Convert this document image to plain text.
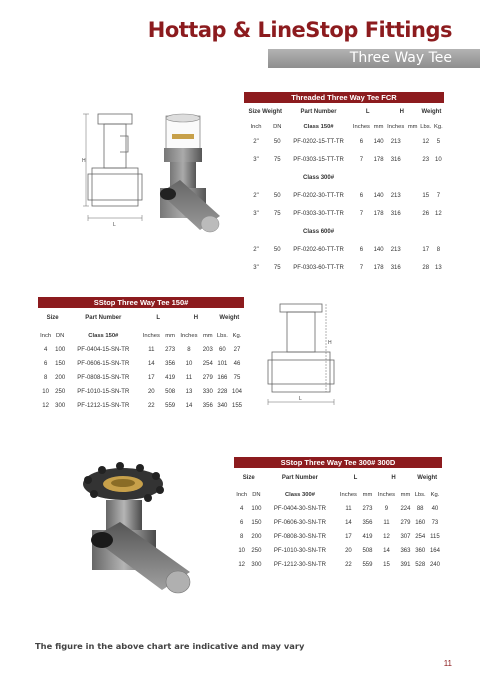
Hottap & LineStop Fittings
Three Way Tee
H
L
Threaded Three Way Tee FCR								
Size Weight		Part Number	L		H		Weight	
Inch	DN	Class 150#	Inches	mm	Inches	mm	Lbs.	Kg.
2"	50	PF-0202-15-TT-TR	6	140	213		12	5
3"	75	PF-0303-15-TT-TR	7	178	316		23	10
		Class 300#						
2"	50	PF-0202-30-TT-TR	6	140	213		15	7
3"	75	PF-0303-30-TT-TR	7	178	316		26	12
		Class 600#						
2"	50	PF-0202-60-TT-TR	6	140	213		17	8
3"	75	PF-0303-60-TT-TR	7	178	316		28	13
SStop Three Way Tee 150#								
Size		Part Number	L		H		Weight	
Inch	DN	Class 150#	Inches	mm	Inches	mm	Lbs.	Kg.
4	100	PF-0404-15-SN-TR	11	273	8	203	60	27
6	150	PF-0606-15-SN-TR	14	356	10	254	101	46
8	200	PF-0808-15-SN-TR	17	419	11	279	166	75
10	250	PF-1010-15-SN-TR	20	508	13	330	228	104
12	300	PF-1212-15-SN-TR	22	559	14	356	340	155
H
L
SStop Three Way Tee 300# 300D								
Size		Part Number	L		H		Weight	
Inch	DN	Class 300#	Inches	mm	Inches	mm	Lbs.	Kg.
4	100	PF-0404-30-SN-TR	11	273	9	224	88	40
6	150	PF-0606-30-SN-TR	14	356	11	279	160	73
8	200	PF-0808-30-SN-TR	17	419	12	307	254	115
10	250	PF-1010-30-SN-TR	20	508	14	363	360	164
12	300	PF-1212-30-SN-TR	22	559	15	391	528	240
The figure in the above chart are indicative and may vary
11
